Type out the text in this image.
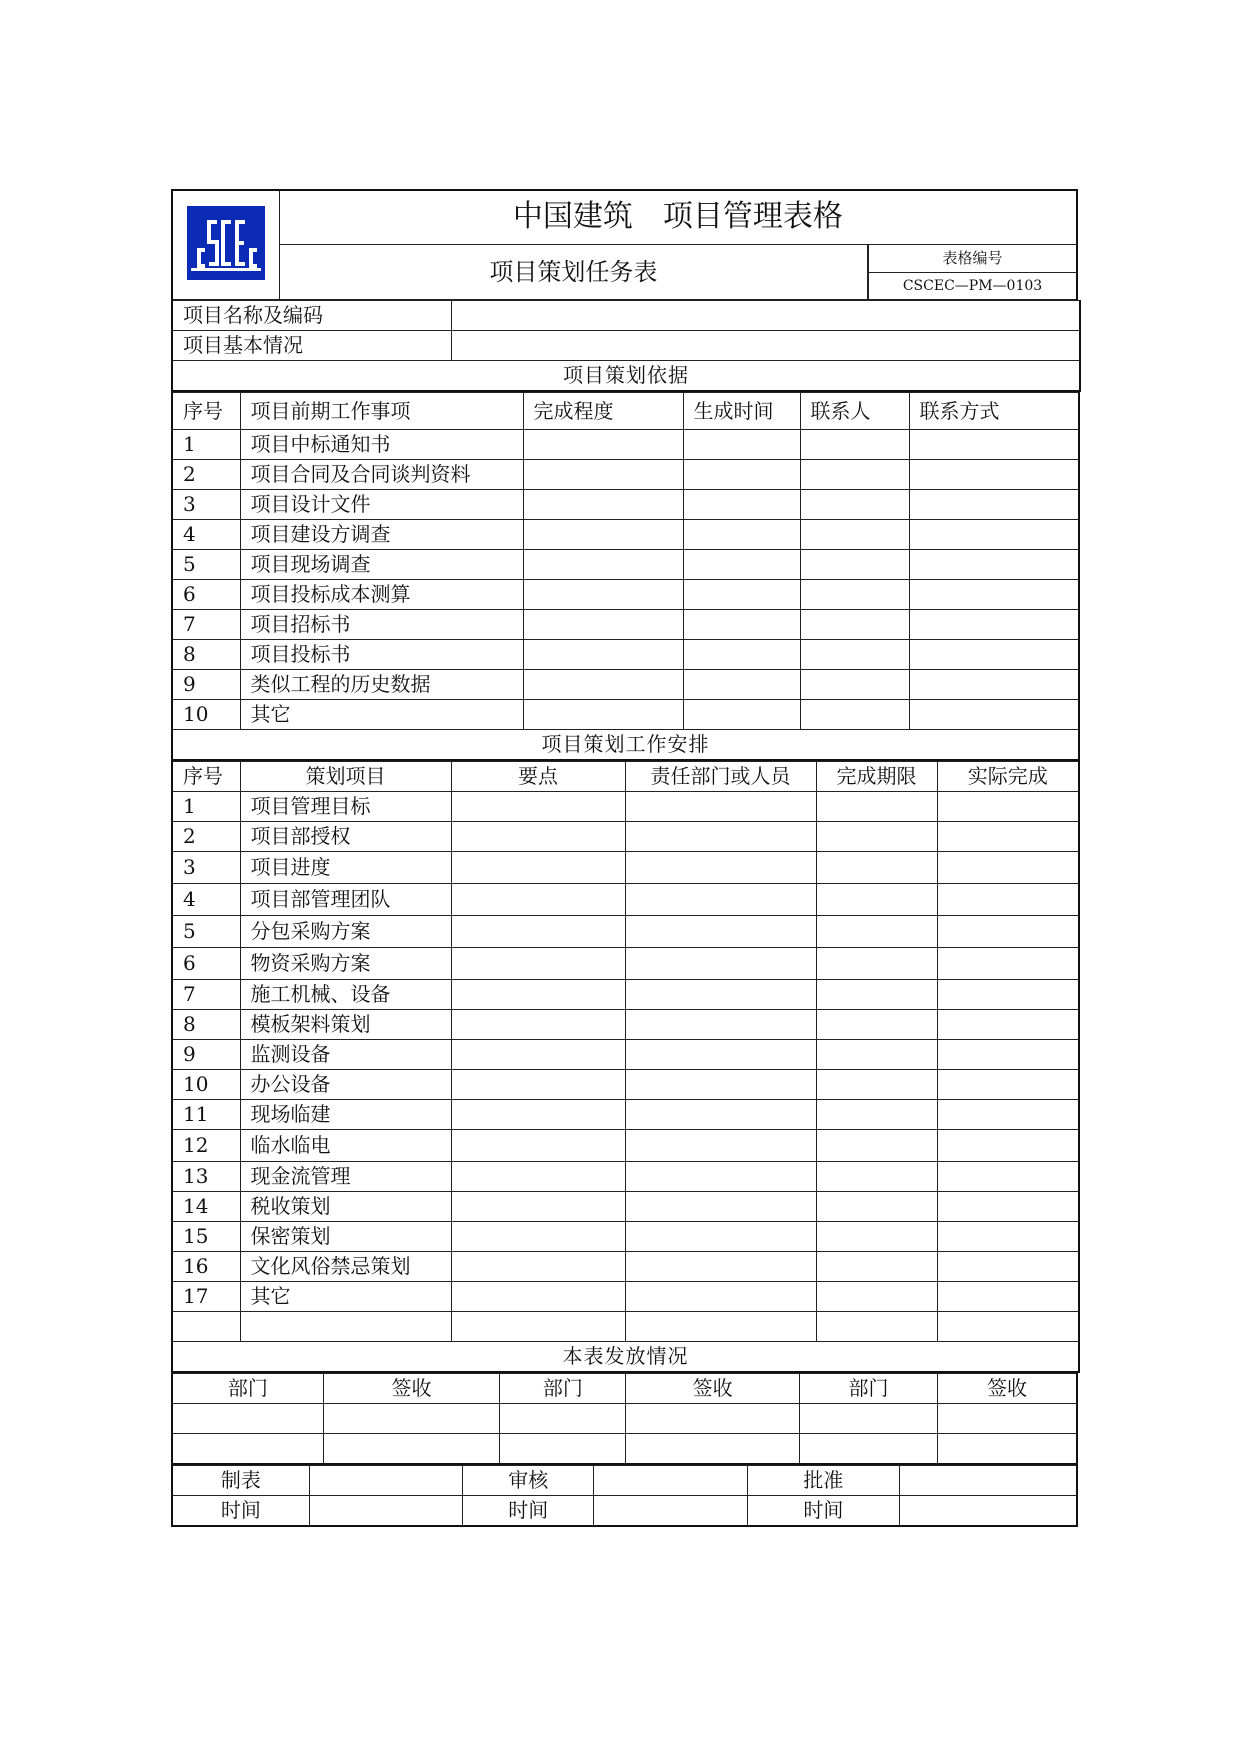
	中国建筑　项目管理表格
项目策划任务表		表格编号
CSCEC—PM—0103
项目名称及编码	
项目基本情况	
项目策划依据	
序号	项目前期工作事项	完成程度	生成时间	联系人	联系方式
1	项目中标通知书				
2	项目合同及合同谈判资料				
3	项目设计文件				
4	项目建设方调查				
5	项目现场调查				
6	项目投标成本测算				
7	项目招标书				
8	项目投标书				
9	类似工程的历史数据				
10	其它				
项目策划工作安排					
序号	策划项目	要点	责任部门或人员	完成期限	实际完成
1	项目管理目标				
2	项目部授权				
3	项目进度				
4	项目部管理团队				
5	分包采购方案				
6	物资采购方案				
7	施工机械、设备				
8	模板架料策划				
9	监测设备				
10	办公设备				
11	现场临建				
12	临水临电				
13	现金流管理				
14	税收策划				
15	保密策划				
16	文化风俗禁忌策划				
17	其它				

本表发放情况					
部门	签收	部门	签收	部门	签收

制表		审核		批准	
时间		时间		时间	
